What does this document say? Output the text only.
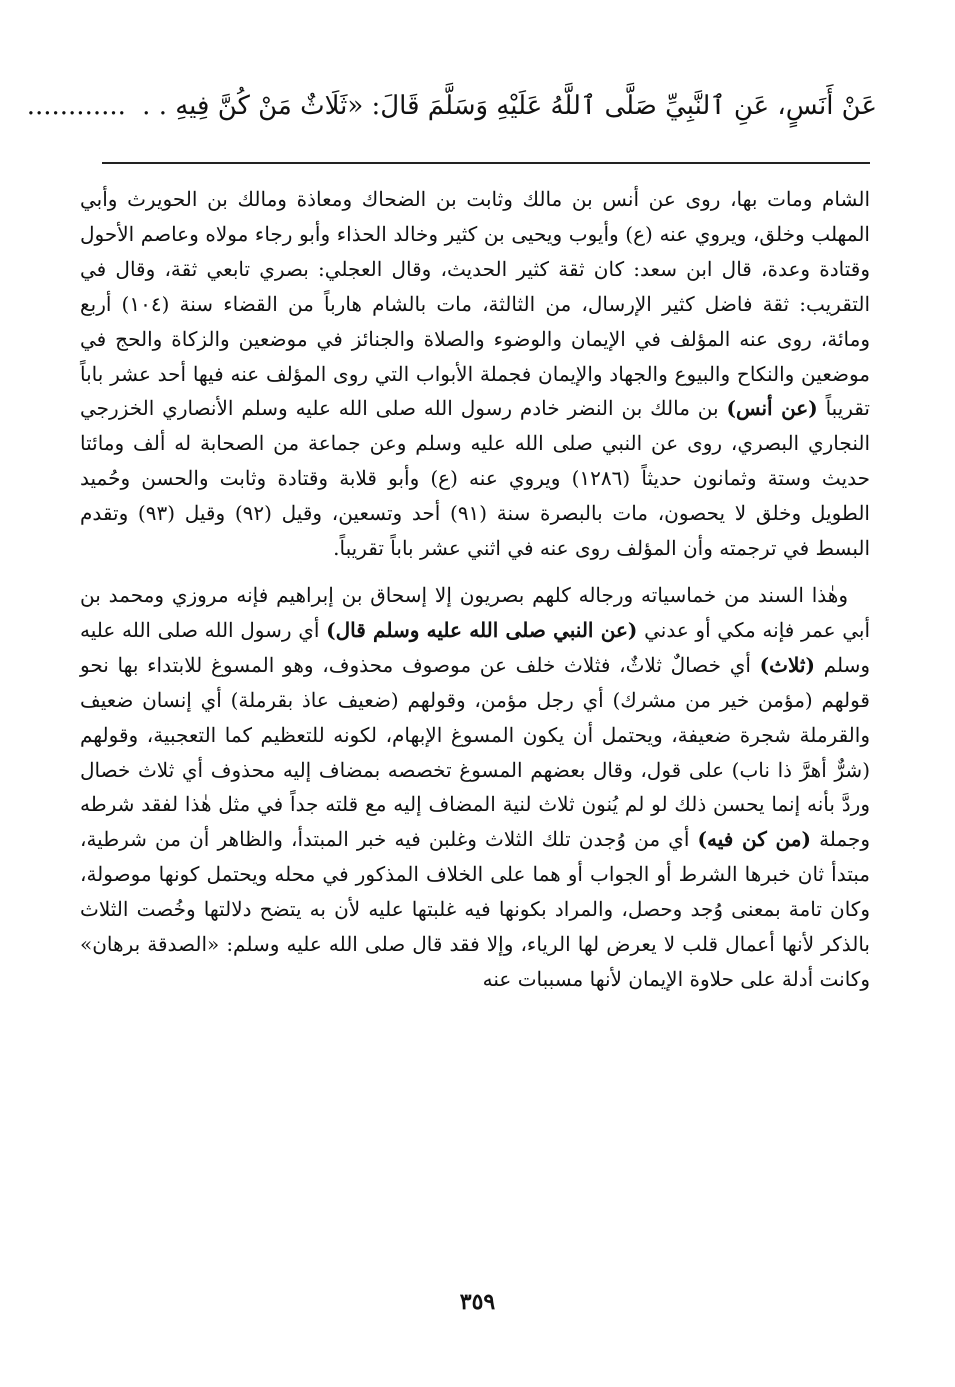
عَنْ أَنَسٍ، عَنِ ٱلنَّبِيِّ صَلَّى ٱللَّهُ عَلَيْهِ وَسَلَّمَ قَالَ: «ثَلَاثٌ مَنْ كُنَّ فِيهِ . . ............

الشام ومات بها، روى عن أنس بن مالك وثابت بن الضحاك ومعاذة ومالك بن الحويرث وأبي المهلب وخلق، ويروي عنه (ع) وأيوب ويحيى بن كثير وخالد الحذاء وأبو رجاء مولاه وعاصم الأحول وقتادة وعدة، قال ابن سعد: كان ثقة كثير الحديث، وقال العجلي: بصري تابعي ثقة، وقال في التقريب: ثقة فاضل كثير الإرسال، من الثالثة، مات بالشام هارباً من القضاء سنة (١٠٤) أربع ومائة، روى عنه المؤلف في الإيمان والوضوء والصلاة والجنائز في موضعين والزكاة والحج في موضعين والنكاح والبيوع والجهاد والإيمان فجملة الأبواب التي روى المؤلف عنه فيها أحد عشر باباً تقريباً (عن أنس) بن مالك بن النضر خادم رسول الله صلى الله عليه وسلم الأنصاري الخزرجي النجاري البصري، روى عن النبي صلى الله عليه وسلم وعن جماعة من الصحابة له ألف ومائتا حديث وستة وثمانون حديثاً (١٢٨٦) ويروي عنه (ع) وأبو قلابة وقتادة وثابت والحسن وحُميد الطويل وخلق لا يحصون، مات بالبصرة سنة (٩١) أحد وتسعين، وقيل (٩٢) وقيل (٩٣) وتقدم البسط في ترجمته وأن المؤلف روى عنه في اثني عشر باباً تقريباً.

وهٰذا السند من خماسياته ورجاله كلهم بصريون إلا إسحاق بن إبراهيم فإنه مروزي ومحمد بن أبي عمر فإنه مكي أو عدني (عن النبي صلى الله عليه وسلم قال) أي رسول الله صلى الله عليه وسلم (ثلاث) أي خصالٌ ثلاثٌ، فثلاث خلف عن موصوف محذوف، وهو المسوغ للابتداء بها نحو قولهم (مؤمن خير من مشرك) أي رجل مؤمن، وقولهم (ضعيف عاذ بقرملة) أي إنسان ضعيف والقرملة شجرة ضعيفة، ويحتمل أن يكون المسوغ الإبهام، لكونه للتعظيم كما التعجبية، وقولهم (شرٌّ أهرَّ ذا ناب) على قول، وقال بعضهم المسوغ تخصصه بمضاف إليه محذوف أي ثلاث خصال وردَّ بأنه إنما يحسن ذلك لو لم يُنون ثلاث لنية المضاف إليه مع قلته جداً في مثل هٰذا لفقد شرطه وجملة (من كن فيه) أي من وُجدن تلك الثلاث وغلبن فيه خبر المبتدأ، والظاهر أن من شرطية، مبتدأ ثان خبرها الشرط أو الجواب أو هما على الخلاف المذكور في محله ويحتمل كونها موصولة، وكان تامة بمعنى وُجد وحصل، والمراد بكونها فيه غلبتها عليه لأن به يتضح دلالتها وخُصت الثلاث بالذكر لأنها أعمال قلب لا يعرض لها الرياء، وإلا فقد قال صلى الله عليه وسلم: «الصدقة برهان» وكانت أدلة على حلاوة الإيمان لأنها مسببات عنه

٣٥٩
